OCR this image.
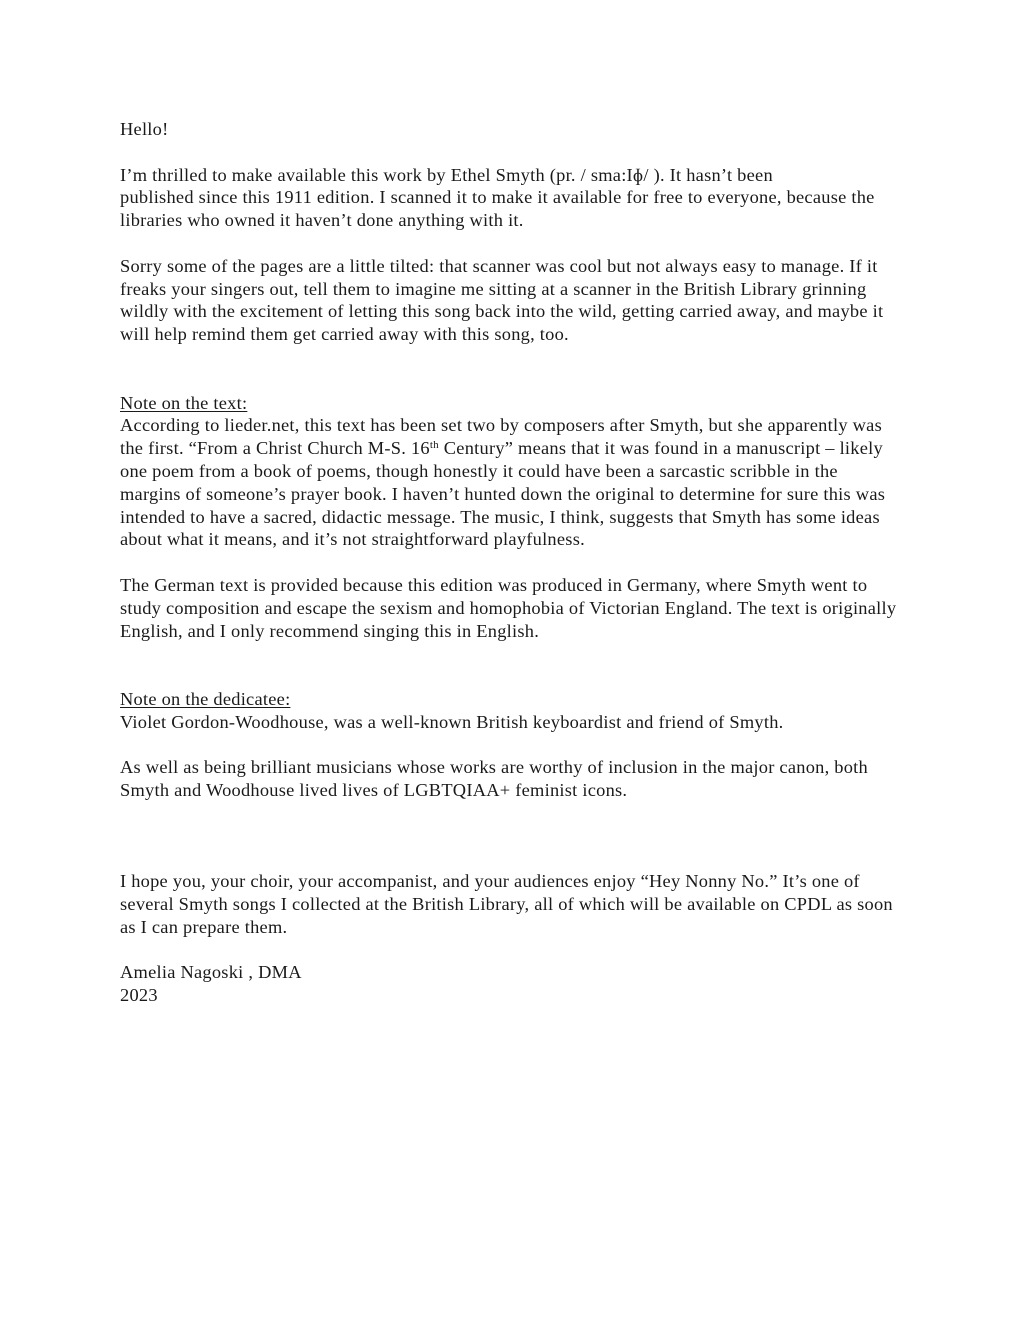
Hello!

I’m thrilled to make available this work by Ethel Smyth (pr. / sma:Iɸ/ ). It hasn’t been
published since this 1911 edition. I scanned it to make it available for free to everyone, because the libraries who owned it haven’t done anything with it.

Sorry some of the pages are a little tilted: that scanner was cool but not always easy to manage. If it freaks your singers out, tell them to imagine me sitting at a scanner in the British Library grinning wildly with the excitement of letting this song back into the wild, getting carried away, and maybe it will help remind them get carried away with this song, too.

Note on the text:

According to lieder.net, this text has been set two by composers after Smyth, but she apparently was the first. “From a Christ Church M-S. 16th Century” means that it was found in a manuscript – likely one poem from a book of poems, though honestly it could have been a sarcastic scribble in the margins of someone’s prayer book. I haven’t hunted down the original to determine for sure this was intended to have a sacred, didactic message. The music, I think, suggests that Smyth has some ideas about what it means, and it’s not straightforward playfulness.

The German text is provided because this edition was produced in Germany, where Smyth went to study composition and escape the sexism and homophobia of Victorian England. The text is originally English, and I only recommend singing this in English.

Note on the dedicatee:

Violet Gordon-Woodhouse, was a well-known British keyboardist and friend of Smyth.

As well as being brilliant musicians whose works are worthy of inclusion in the major canon, both Smyth and Woodhouse lived lives of LGBTQIAA+ feminist icons.

I hope you, your choir, your accompanist, and your audiences enjoy “Hey Nonny No.” It’s one of several Smyth songs I collected at the British Library, all of which will be available on CPDL as soon as I can prepare them.

Amelia Nagoski , DMA

2023
